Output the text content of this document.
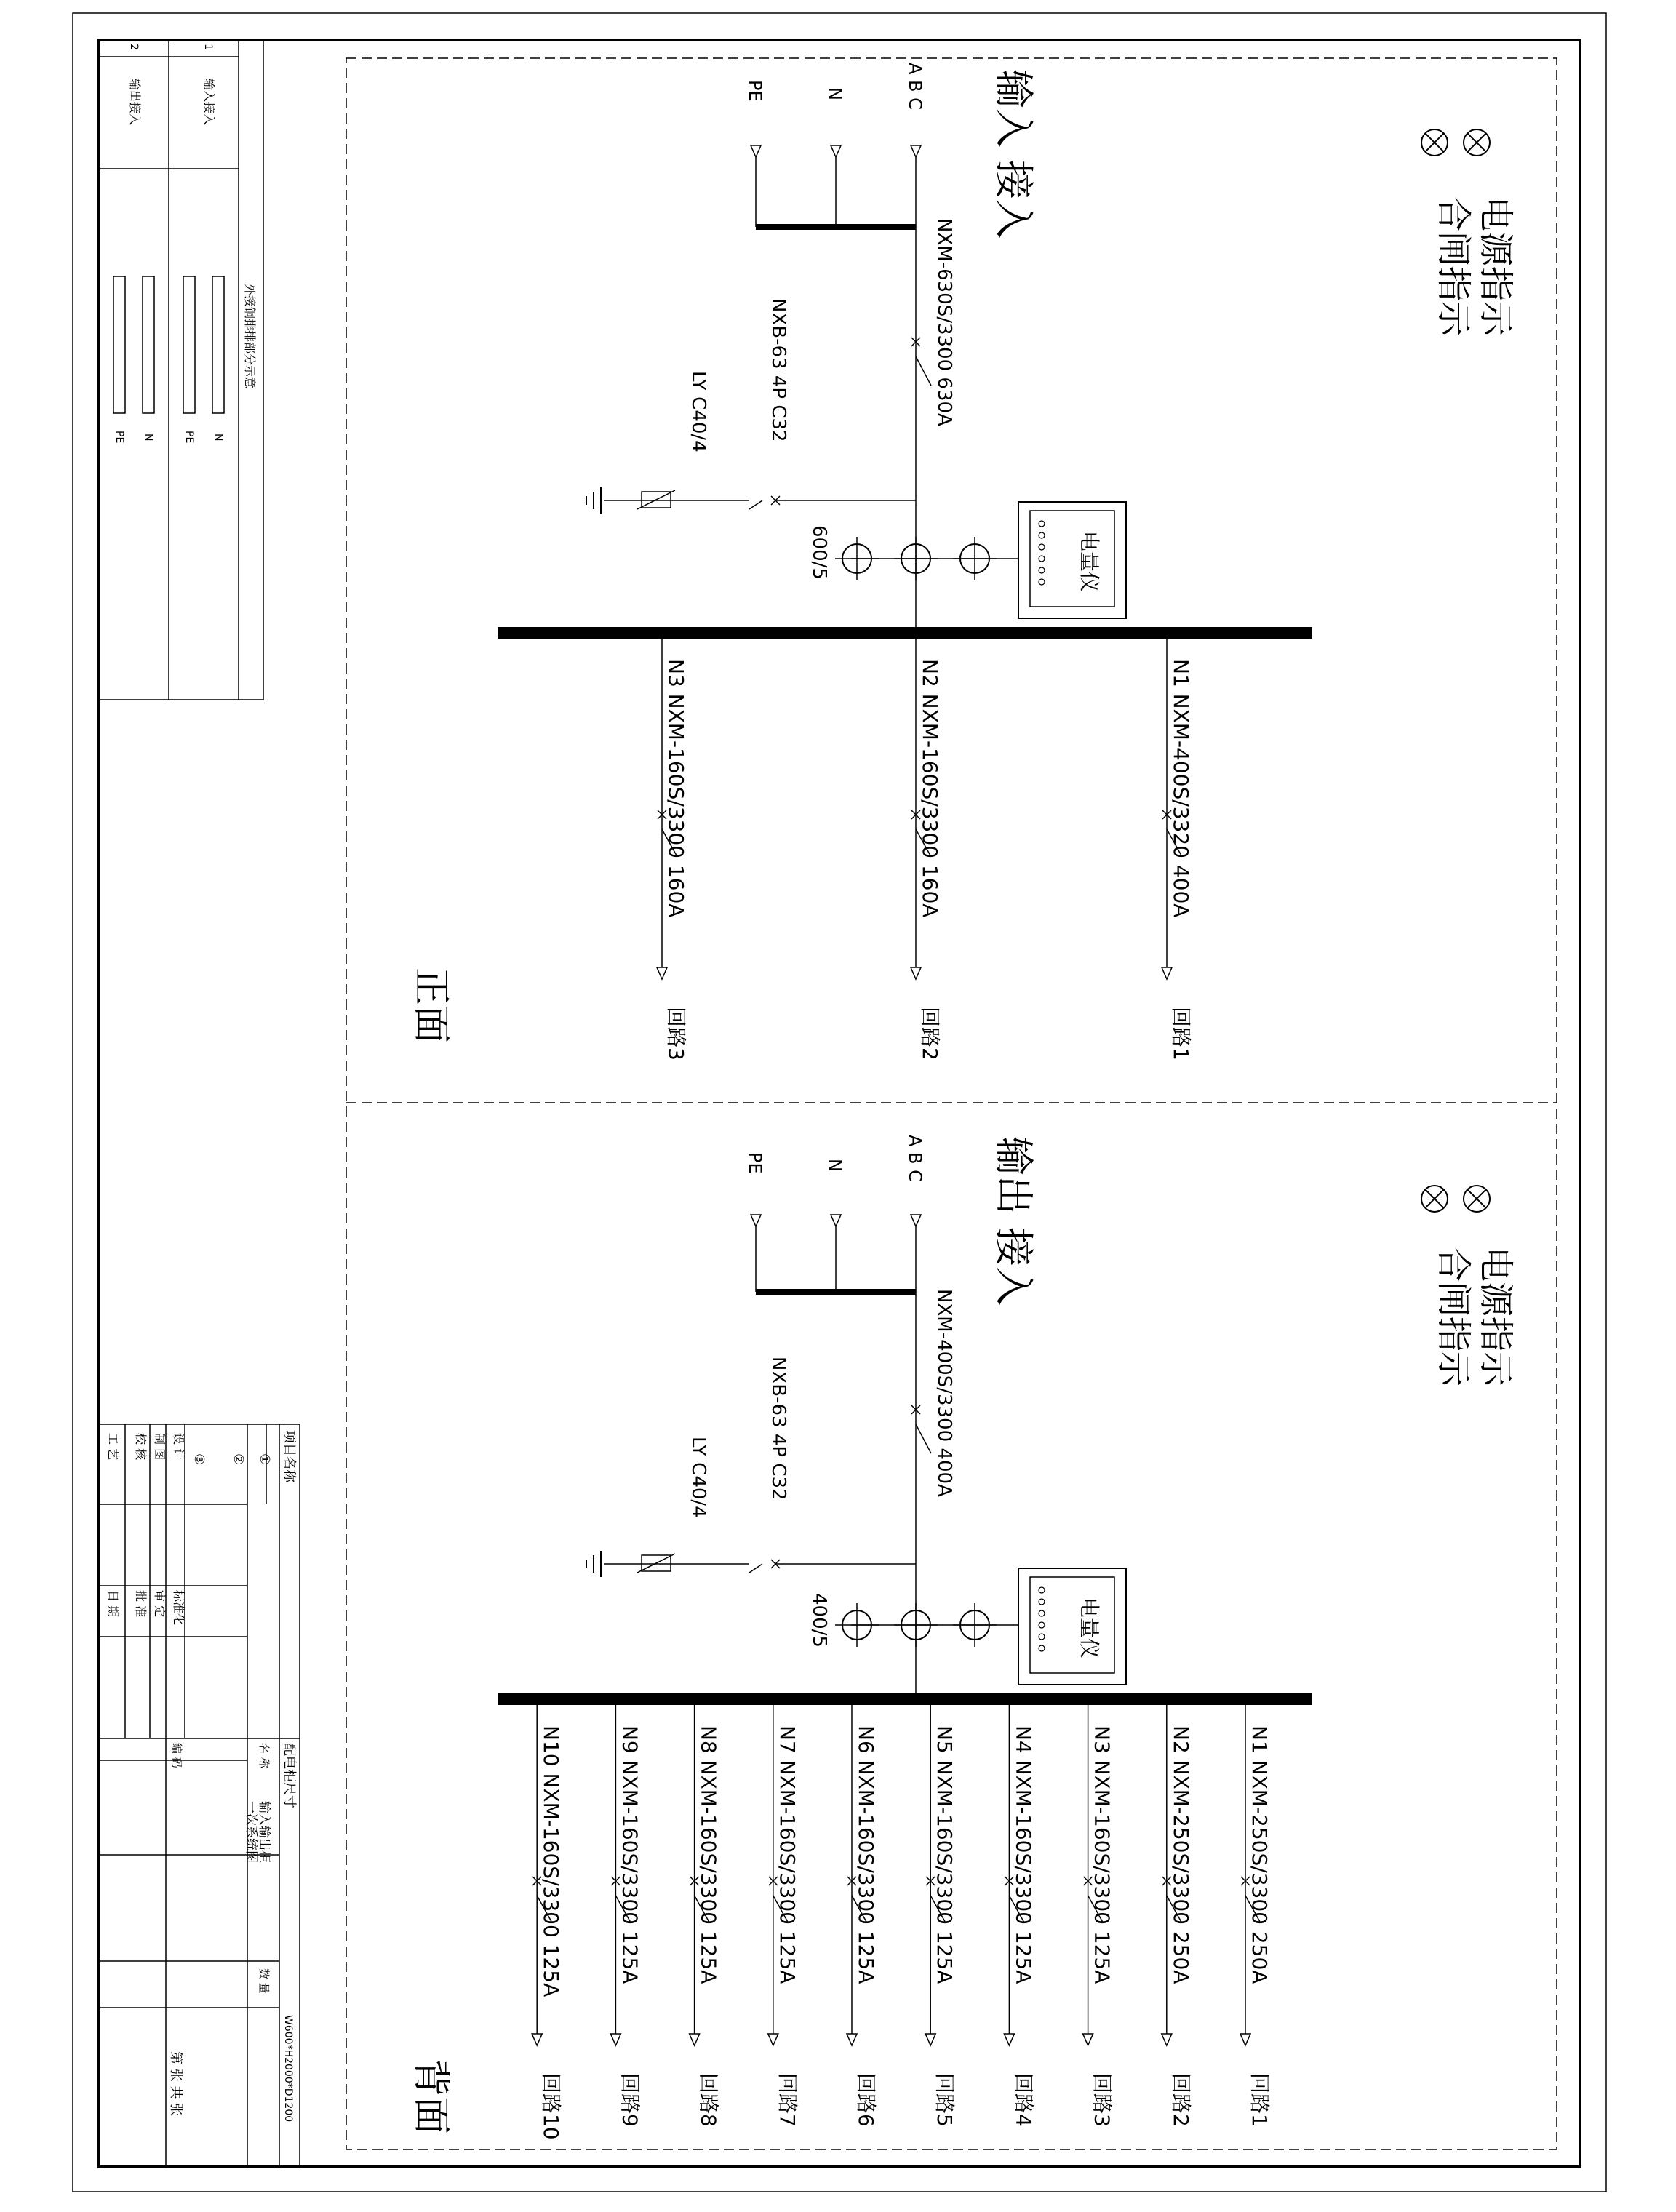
电源指示
合闸指示
输入 接入
A B C
N
PE
NXM-630S/3300 630A
NXB-63 4P C32
LY C40/4
600/5	电量仪
N1 NXM-400S/3320 400A
回路1
N2 NXM-160S/3300 160A
回路2
N3 NXM-160S/3300 160A
回路3
正面
电源指示
合闸指示
输出 接入
A B C
N
PE
NXM-400S/3300 400A
NXB-63 4P C32
LY C40/4
400/5	电量仪
N1 NXM-250S/3300 250A
回路1
N2 NXM-250S/3300 250A
回路2
N3 NXM-160S/3300 125A
回路3
N4 NXM-160S/3300 125A
回路4
N5 NXM-160S/3300 125A
回路5
N6 NXM-160S/3300 125A
回路6
N7 NXM-160S/3300 125A
回路7
N8 NXM-160S/3300 125A
回路8
N9 NXM-160S/3300 125A
回路9
N10 NXM-160S/3300 125A
回路10
背面
外接铜排排部分示意
1
输入接入
2
输出接入
N
PE
N
PE
项目名称
①
②
③
设 计
制 图
校 核
工 艺
标准化
审 定
批 准
日 期
配电柜尺寸
W600*H2000*D1200
名 称
输入输出柜
一次系统图
数 量
编 码
第 张 共 张
